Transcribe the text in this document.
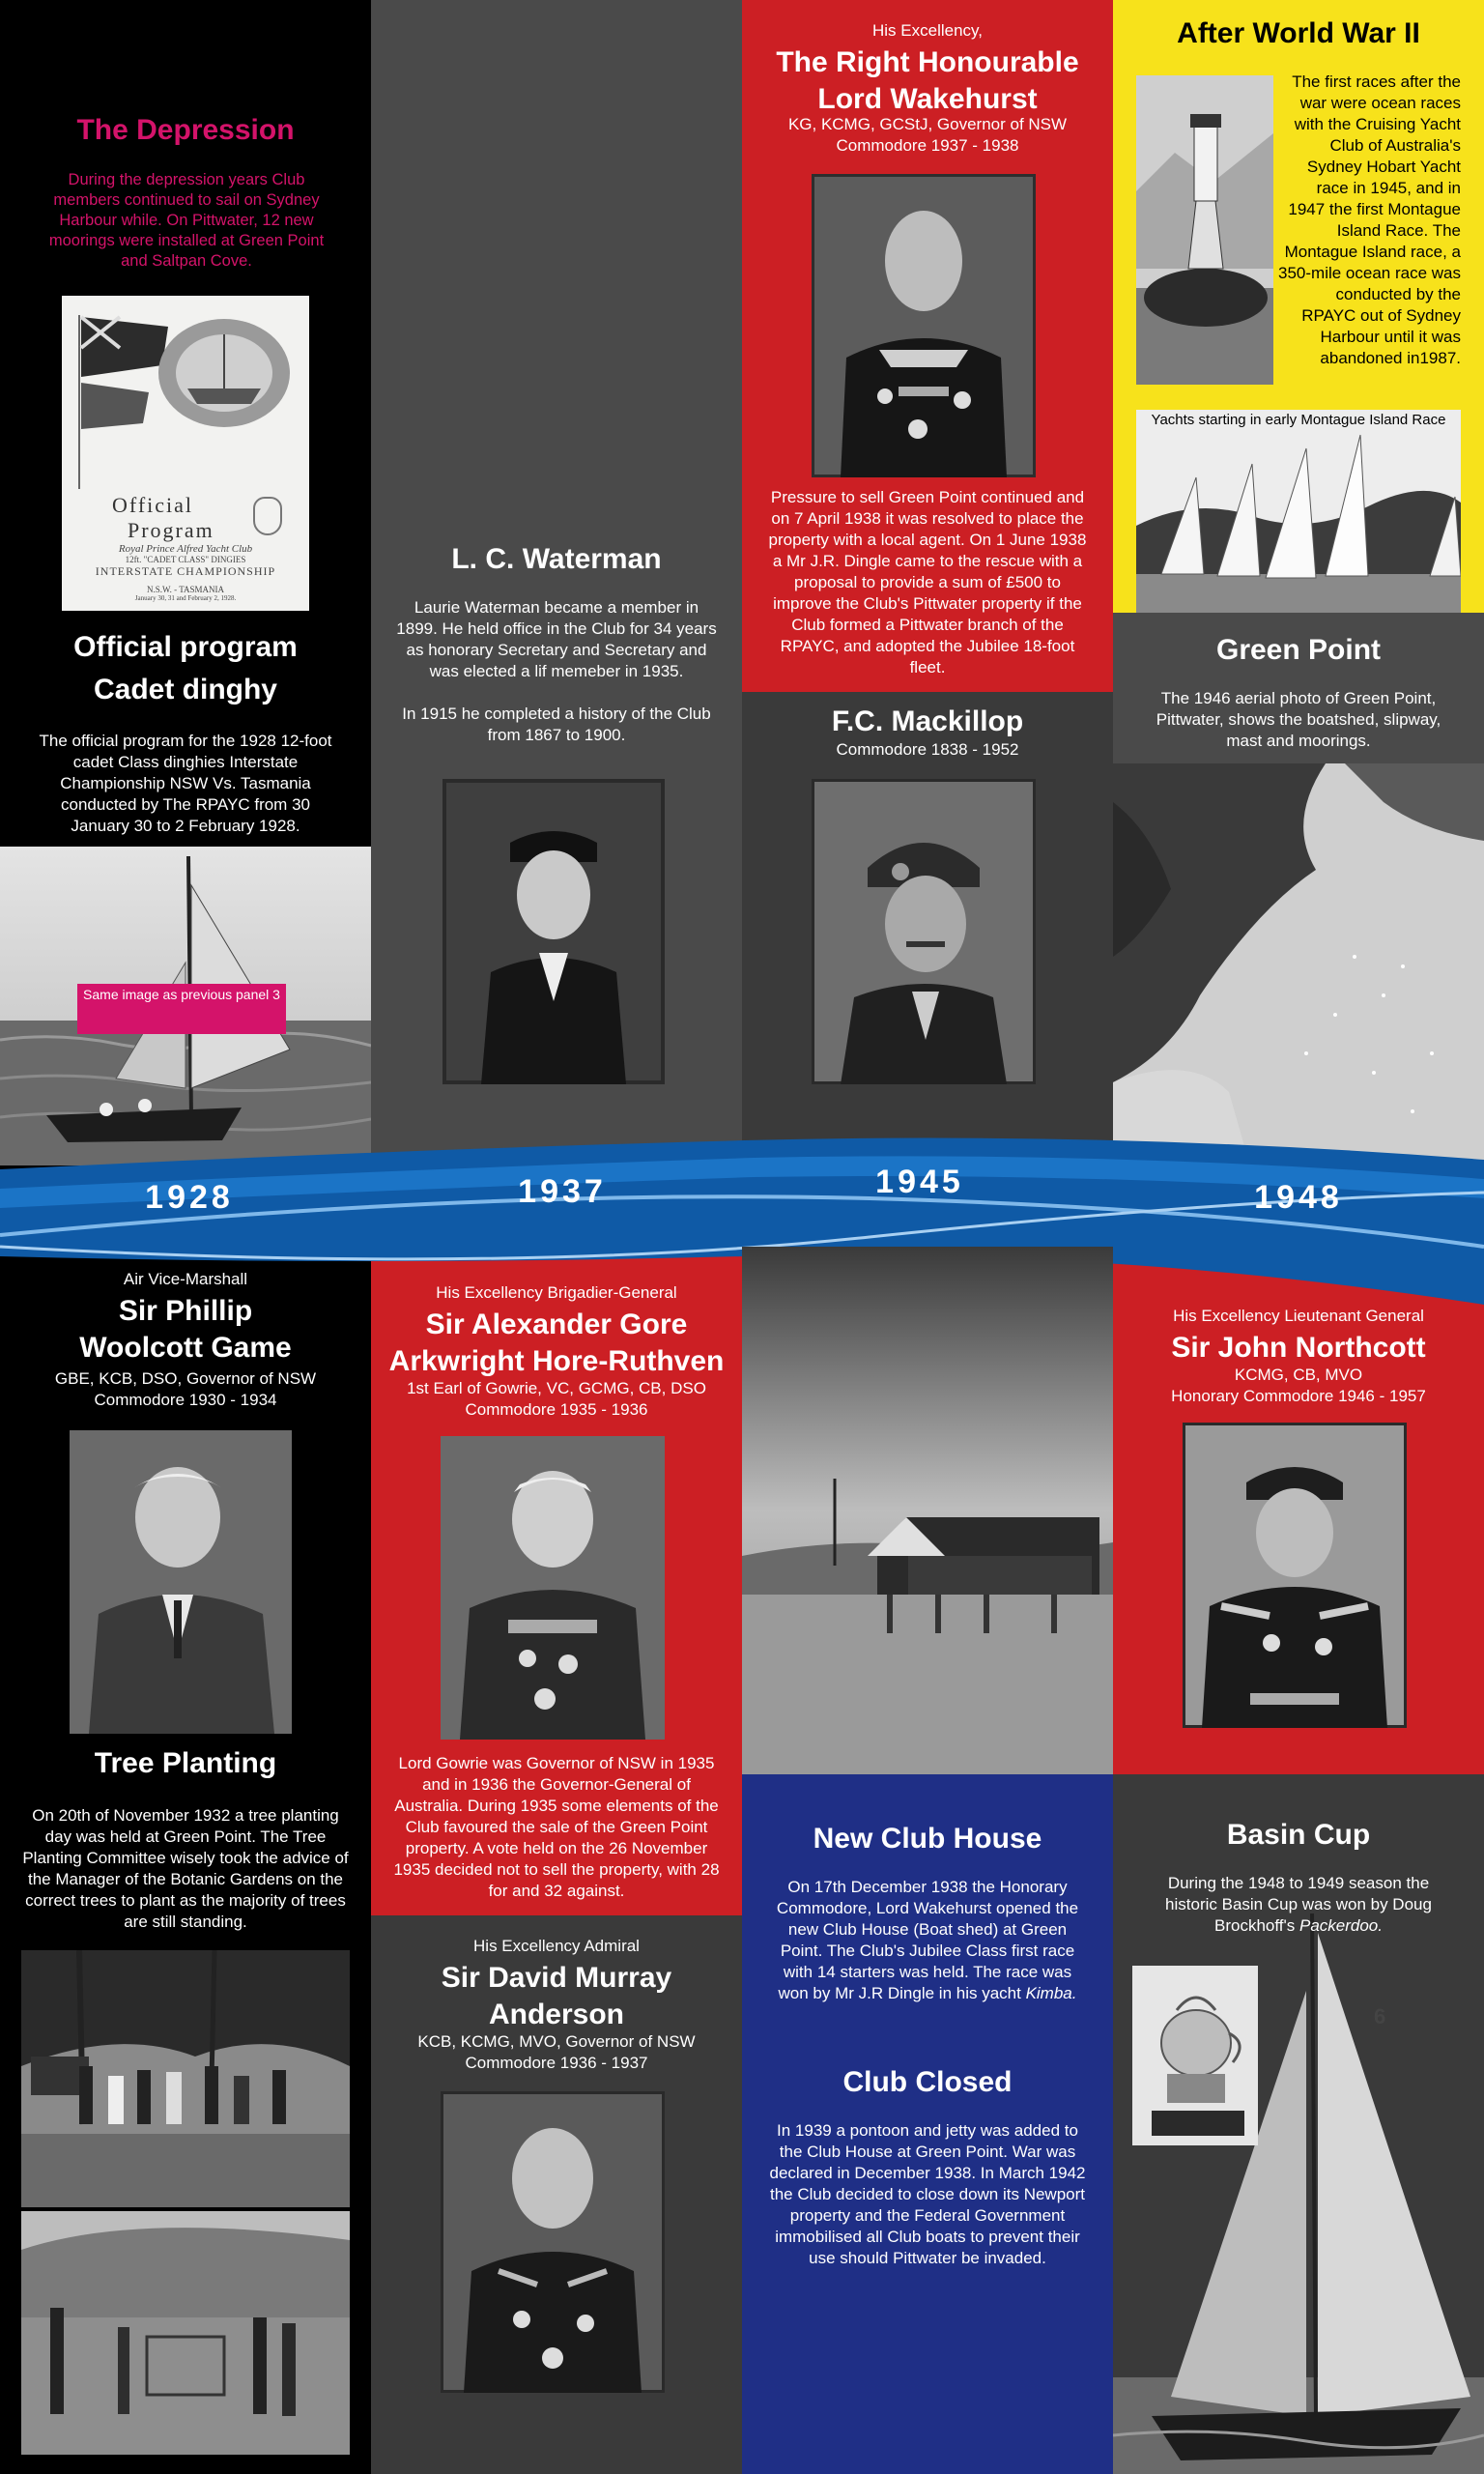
The Depression
During the depression years Club members continued to sail on Sydney Harbour while. On Pittwater, 12 new moorings were installed at Green Point and Saltpan Cove.
Official
Program
Royal Prince Alfred Yacht Club
12ft. "CADET CLASS" DINGIES
INTERSTATE CHAMPIONSHIP
N.S.W. - TASMANIA
January 30, 31 and February 2, 1928.
Official program
Cadet dinghy
The official program for the 1928 12-foot cadet Class dinghies Interstate Championship NSW Vs. Tasmania conducted by The RPAYC from 30 January 30 to 2 February 1928.
Same image as previous panel 3
L. C. Waterman
Laurie Waterman became a member in 1899. He held office in the Club for 34 years as honorary Secretary and Secretary and was elected a lif memeber in 1935.

In 1915 he completed a history of the Club from 1867 to 1900.
His Excellency,
The Right Honourable
Lord Wakehurst
KG, KCMG, GCStJ, Governor of NSW
Commodore 1937 - 1938
Pressure to sell Green Point continued and on 7 April 1938 it was resolved to place the property with a local agent. On 1 June 1938 a Mr J.R. Dingle came to the rescue with a proposal to provide a sum of £500 to improve the Club's Pittwater property if the Club formed a Pittwater branch of the RPAYC, and adopted the Jubilee 18-foot fleet.
F.C. Mackillop
Commodore 1838 - 1952
After World War II
The first races after the war were ocean races with the Cruising Yacht Club of Australia's Sydney Hobart Yacht race in 1945, and in 1947 the first Montague Island Race. The Montague Island race, a 350-mile ocean race was conducted by the RPAYC out of Sydney Harbour until it was abandoned in1987.
Yachts starting in early Montague Island Race
Green Point
The 1946 aerial photo of Green Point, Pittwater, shows the boatshed, slipway, mast and moorings.
1928	1937	1945	1948
Air Vice-Marshall
Sir Phillip
Woolcott Game
GBE, KCB, DSO, Governor of NSW
Commodore 1930 - 1934
Tree Planting
On 20th of November 1932 a tree planting day was held at Green Point. The Tree Planting Committee wisely took the advice of the Manager of the Botanic Gardens on the correct trees to plant as the majority of trees are still standing.
His Excellency Brigadier-General
Sir Alexander Gore
Arkwright Hore-Ruthven
1st Earl of Gowrie, VC, GCMG, CB, DSO
Commodore 1935 - 1936
Lord Gowrie was Governor of NSW in 1935 and in 1936 the Governor-General of Australia. During 1935 some elements of the Club favoured the sale of the Green Point property. A vote held on the 26 November 1935 decided not to sell the property, with 28 for and 32 against.
His Excellency Admiral
Sir David Murray
Anderson
KCB, KCMG, MVO, Governor of NSW
Commodore 1936 - 1937
New Club House
On 17th December 1938 the Honorary Commodore, Lord Wakehurst opened the new Club House (Boat shed) at Green Point. The Club's Jubilee Class first race with 14 starters was held. The race was won by Mr J.R Dingle in his yacht Kimba.
Club Closed
In 1939 a pontoon and jetty was added to the Club House at Green Point. War was declared in December 1938. In March 1942 the Club decided to close down its Newport property and the Federal Government immobilised all Club boats to prevent their use should Pittwater be invaded.
His Excellency Lieutenant General
Sir John Northcott
KCMG, CB, MVO
Honorary Commodore 1946 - 1957
6
Basin Cup
During the 1948 to 1949 season the historic Basin Cup was won by Doug Brockhoff's Packerdoo.
